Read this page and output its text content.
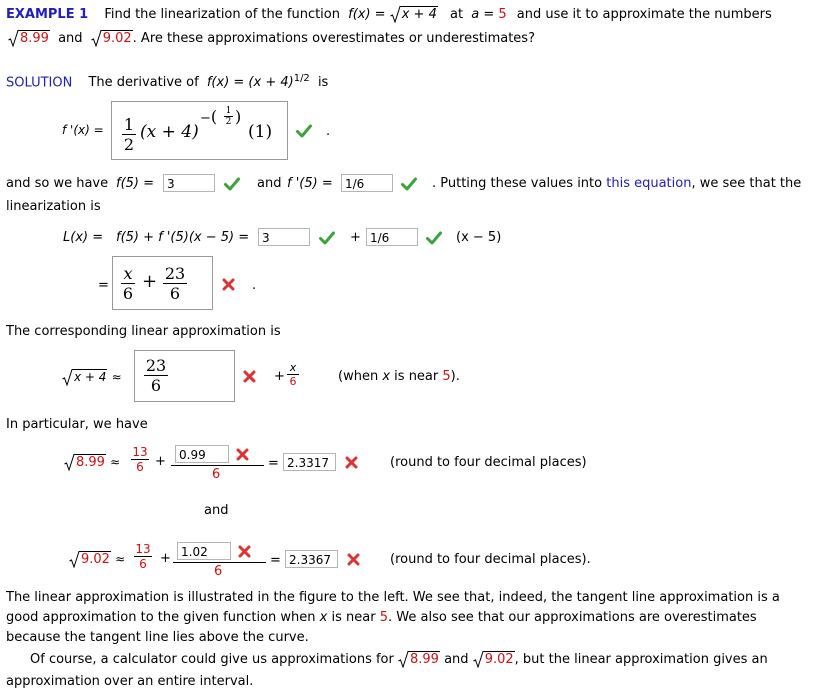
EXAMPLE 1 Find the linearization of the function f(x) = x + 4 at a = 5 and use it to approximate the numbers
8.99 and 9.02. Are these approximations overestimates or underestimates?
SOLUTION The derivative of $f(x) = (x + 4)^{1/2}$ is
f '$(x) = \frac{1}{2} (x + 4)$
−( $\frac{1}{2}$ )
(1)	.
and so we have f(5) =	3	and f '(5) =	1/6	. Putting these values into this equation, we see that the
linearization is
L(x) = f(5) + f '(5)(x − 5) =	3	+ 1/6	(x − 5)
= $\frac{x}{6} + \frac{23}{6}$	.
The corresponding linear approximation is
$x + 4 \approx \frac{23}{6}$	+ $\frac{x}{6}$	(when x is near 5).
In particular, we have
$8.99 \approx \frac{13}{6}$ +	0.99
6
= 2.3317	(round to four decimal places)
and
$9.02 \approx \frac{13}{6} + 1.02$
6
= 2.3367	(round to four decimal places).
The linear approximation is illustrated in the figure to the left. We see that, indeed, the tangent line approximation is a
good approximation to the given function when x is near 5. We also see that our approximations are overestimates
because the tangent line lies above the curve.
Of course, a calculator could give us approximations for 8.99 and 9.02, but the linear approximation gives an
approximation over an entire interval.
